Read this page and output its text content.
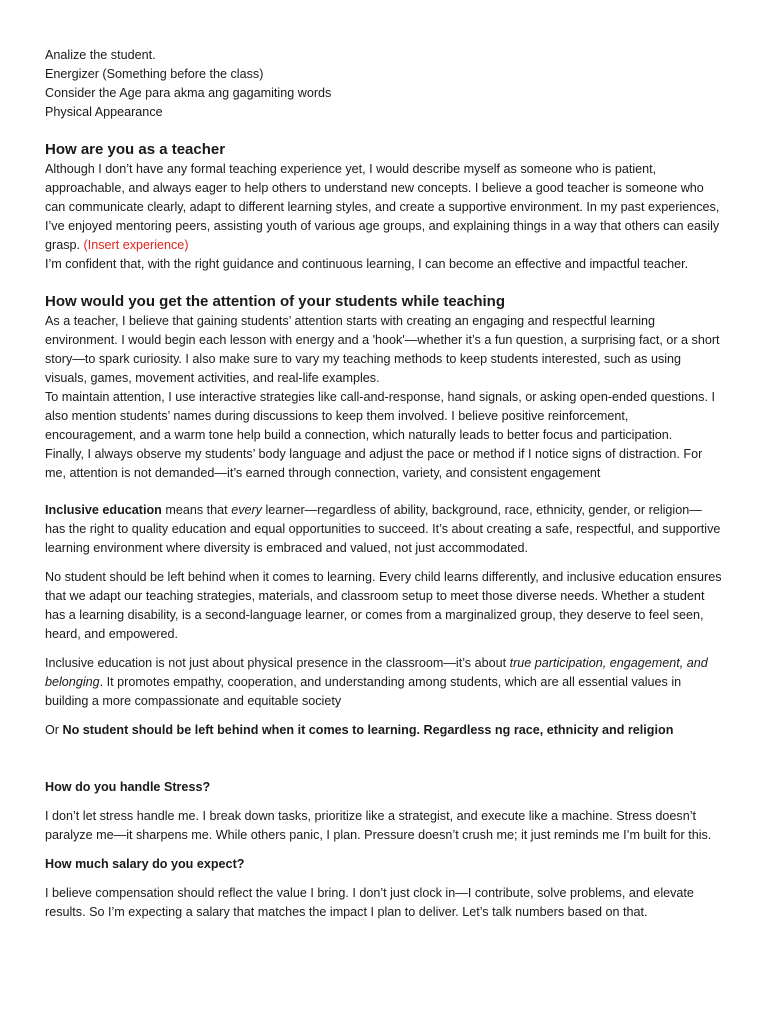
Analize the student.

Energizer (Something before the class)

Consider the Age para akma ang gagamiting words

Physical Appearance

How are you as a teacher

Although I don’t have any formal teaching experience yet, I would describe myself as someone who is patient, approachable, and always eager to help others to understand new concepts. I believe a good teacher is someone who can communicate clearly, adapt to different learning styles, and create a supportive environment. In my past experiences, I’ve enjoyed mentoring peers, assisting youth of various age groups, and explaining things in a way that others can easily grasp. (Insert experience)

I’m confident that, with the right guidance and continuous learning, I can become an effective and impactful teacher.

How would you get the attention of your students while teaching

As a teacher, I believe that gaining students’ attention starts with creating an engaging and respectful learning environment. I would begin each lesson with energy and a 'hook'—whether it’s a fun question, a surprising fact, or a short story—to spark curiosity. I also make sure to vary my teaching methods to keep students interested, such as using visuals, games, movement activities, and real-life examples.

To maintain attention, I use interactive strategies like call-and-response, hand signals, or asking open-ended questions. I also mention students’ names during discussions to keep them involved. I believe positive reinforcement, encouragement, and a warm tone help build a connection, which naturally leads to better focus and participation.

Finally, I always observe my students’ body language and adjust the pace or method if I notice signs of distraction. For me, attention is not demanded—it’s earned through connection, variety, and consistent engagement

Inclusive education means that every learner—regardless of ability, background, race, ethnicity, gender, or religion—has the right to quality education and equal opportunities to succeed. It’s about creating a safe, respectful, and supportive learning environment where diversity is embraced and valued, not just accommodated.

No student should be left behind when it comes to learning. Every child learns differently, and inclusive education ensures that we adapt our teaching strategies, materials, and classroom setup to meet those diverse needs. Whether a student has a learning disability, is a second-language learner, or comes from a marginalized group, they deserve to feel seen, heard, and empowered.

Inclusive education is not just about physical presence in the classroom—it’s about true participation, engagement, and belonging. It promotes empathy, cooperation, and understanding among students, which are all essential values in building a more compassionate and equitable society

Or No student should be left behind when it comes to learning. Regardless ng race, ethnicity and religion

How do you handle Stress?

I don’t let stress handle me. I break down tasks, prioritize like a strategist, and execute like a machine. Stress doesn’t paralyze me—it sharpens me. While others panic, I plan. Pressure doesn’t crush me; it just reminds me I’m built for this.

How much salary do you expect?

I believe compensation should reflect the value I bring. I don’t just clock in—I contribute, solve problems, and elevate results. So I’m expecting a salary that matches the impact I plan to deliver. Let’s talk numbers based on that.
